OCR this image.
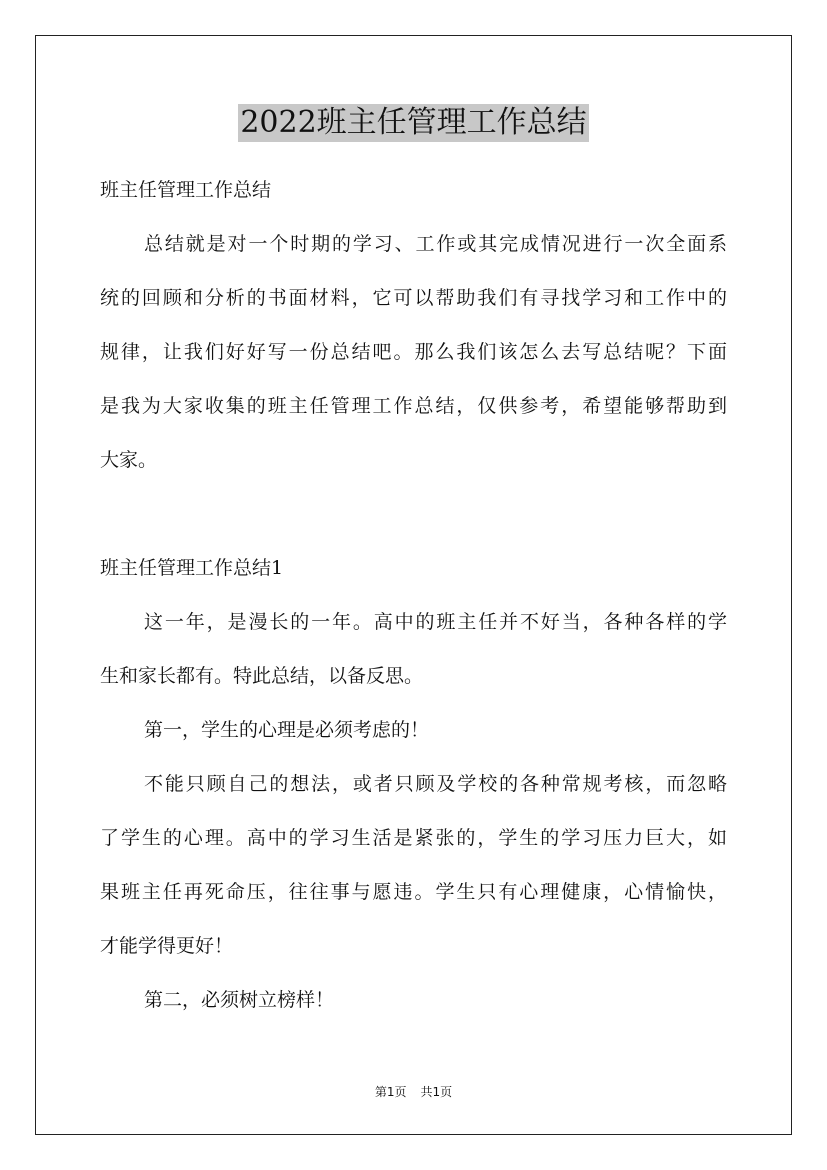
2022班主任管理工作总结
班主任管理工作总结
总结就是对一个时期的学习、工作或其完成情况进行一次全面系
统的回顾和分析的书面材料，它可以帮助我们有寻找学习和工作中的
规律，让我们好好写一份总结吧。那么我们该怎么去写总结呢？下面
是我为大家收集的班主任管理工作总结，仅供参考，希望能够帮助到
大家。
班主任管理工作总结1
这一年，是漫长的一年。高中的班主任并不好当，各种各样的学
生和家长都有。特此总结，以备反思。
第一，学生的心理是必须考虑的！
不能只顾自己的想法，或者只顾及学校的各种常规考核，而忽略
了学生的心理。高中的学习生活是紧张的，学生的学习压力巨大，如
果班主任再死命压，往往事与愿违。学生只有心理健康，心情愉快，
才能学得更好！
第二，必须树立榜样！
第1页 共1页
